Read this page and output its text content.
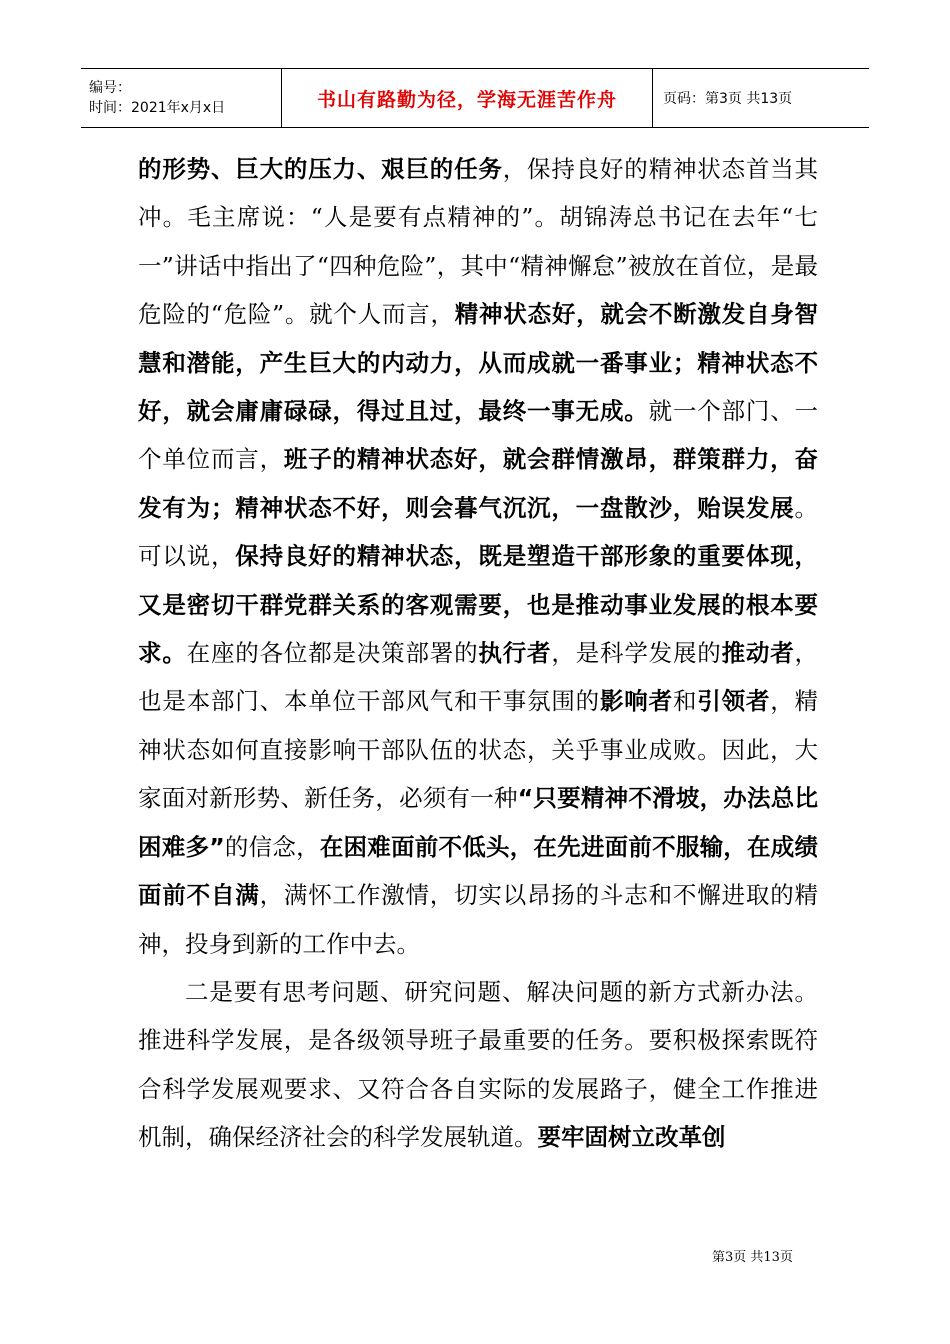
编号：
时间：2021年x月x日	书山有路勤为径，学海无涯苦作舟	页码：第3页 共13页

的形势、巨大的压力、艰巨的任务，保持良好的精神状态首当其冲。毛主席说：“人是要有点精神的”。胡锦涛总书记在去年“七一”讲话中指出了“四种危险”，其中“精神懈怠”被放在首位，是最危险的“危险”。就个人而言，精神状态好，就会不断激发自身智慧和潜能，产生巨大的内动力，从而成就一番事业；精神状态不好，就会庸庸碌碌，得过且过，最终一事无成。就一个部门、一个单位而言，班子的精神状态好，就会群情激昂，群策群力，奋发有为；精神状态不好，则会暮气沉沉，一盘散沙，贻误发展。可以说，保持良好的精神状态，既是塑造干部形象的重要体现，又是密切干群党群关系的客观需要，也是推动事业发展的根本要求。在座的各位都是决策部署的执行者，是科学发展的推动者，也是本部门、本单位干部风气和干事氛围的影响者和引领者，精神状态如何直接影响干部队伍的状态，关乎事业成败。因此，大家面对新形势、新任务，必须有一种“只要精神不滑坡，办法总比困难多”的信念，在困难面前不低头，在先进面前不服输，在成绩面前不自满，满怀工作激情，切实以昂扬的斗志和不懈进取的精神，投身到新的工作中去。

二是要有思考问题、研究问题、解决问题的新方式新办法。推进科学发展，是各级领导班子最重要的任务。要积极探索既符合科学发展观要求、又符合各自实际的发展路子，健全工作推进机制，确保经济社会的科学发展轨道。要牢固树立改革创

第3页 共13页
